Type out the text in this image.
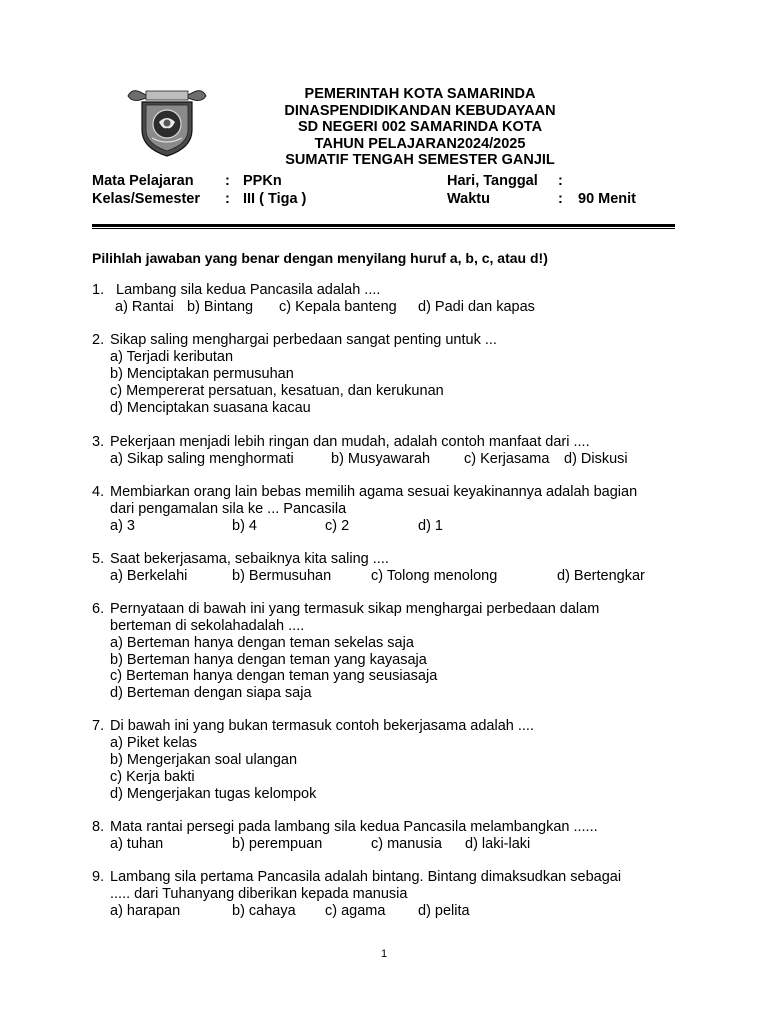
PEMERINTAH KOTA SAMARINDA
DINASPENDIDIKANDAN KEBUDAYAAN
SD NEGERI 002 SAMARINDA KOTA
TAHUN PELAJARAN2024/2025
SUMATIF TENGAH SEMESTER GANJIL
Mata Pelajaran : PPKn	Hari, Tanggal :
Kelas/Semester : III ( Tiga )	Waktu	: 90 Menit
Pilihlah jawaban yang benar dengan menyilang huruf a, b, c, atau d!)
1. Lambang sila kedua Pancasila adalah ....
a) Rantai b) Bintang c) Kepala banteng d) Padi dan kapas
2. Sikap saling menghargai perbedaan sangat penting untuk ...
a) Terjadi keributan
b) Menciptakan permusuhan
c) Mempererat persatuan, kesatuan, dan kerukunan
d) Menciptakan suasana kacau
3. Pekerjaan menjadi lebih ringan dan mudah, adalah contoh manfaat dari ....
a) Sikap saling menghormati	b) Musyawarah c) Kerjasama d) Diskusi
4. Membiarkan orang lain bebas memilih agama sesuai keyakinannya adalah bagian
dari pengamalan sila ke ... Pancasila
a) 3	b) 4	c) 2	d) 1
5. Saat bekerjasama, sebaiknya kita saling ....
a) Berkelahi	b) Bermusuhan	c) Tolong menolong	d) Bertengkar
6. Pernyataan di bawah ini yang termasuk sikap menghargai perbedaan dalam
berteman di sekolahadalah ....
a) Berteman hanya dengan teman sekelas saja
b) Berteman hanya dengan teman yang kayasaja
c) Berteman hanya dengan teman yang seusiasaja
d) Berteman dengan siapa saja
7. Di bawah ini yang bukan termasuk contoh bekerjasama adalah ....
a) Piket kelas
b) Mengerjakan soal ulangan
c) Kerja bakti
d) Mengerjakan tugas kelompok
8. Mata rantai persegi pada lambang sila kedua Pancasila melambangkan ......
a) tuhan	b) perempuan	c) manusia d) laki-laki
9. Lambang sila pertama Pancasila adalah bintang. Bintang dimaksudkan sebagai
..... dari Tuhanyang diberikan kepada manusia
a) harapan	b) cahaya c) agama d) pelita
1
